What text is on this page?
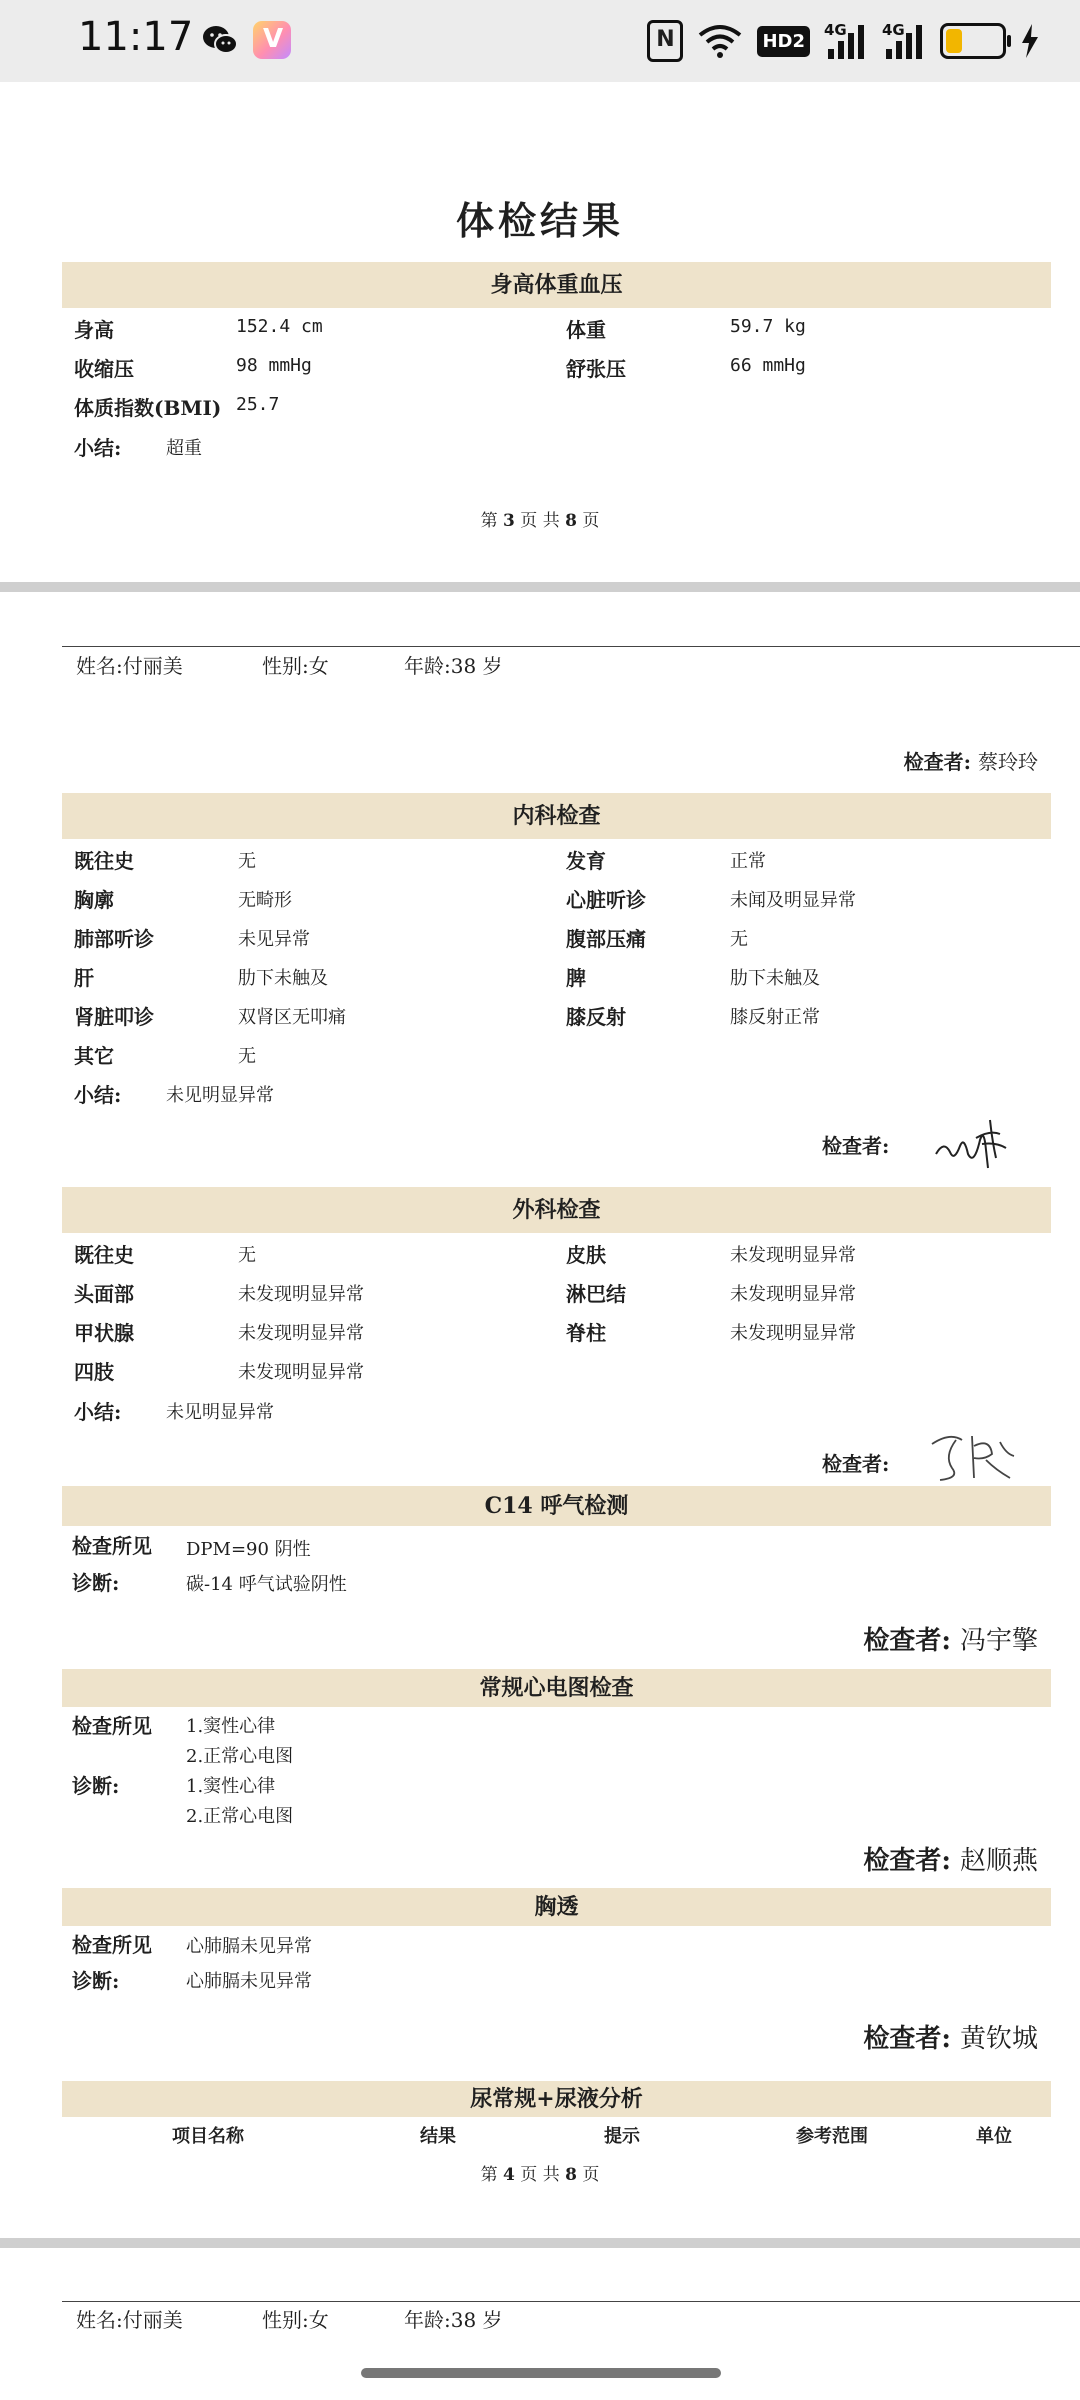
11:17	V	N	HD2
4G 4G
体检结果
身高体重血压
身高	152.4 cm	体重	59.7 kg
收缩压	98 mmHg	舒张压	66 mmHg
体质指数(BMI) 25.7
小结: 超重
第 3 页 共 8 页
姓名:付丽美	性别:女	年龄:38 岁
检查者: 蔡玲玲
内科检查
既往史	无	发育	正常
胸廓	无畸形	心脏听诊	未闻及明显异常
肺部听诊	未见异常	腹部压痛	无
肝	肋下未触及	脾	肋下未触及
肾脏叩诊	双肾区无叩痛	膝反射	膝反射正常
其它	无
小结: 未见明显异常
检查者:
外科检查
既往史	无	皮肤	未发现明显异常
头面部	未发现明显异常	淋巴结	未发现明显异常
甲状腺	未发现明显异常	脊柱	未发现明显异常
四肢	未发现明显异常
小结: 未见明显异常
检查者:
C14 呼气检测
检查所见 DPM=90 阴性
诊断:	碳-14 呼气试验阴性
检查者: 冯宇擎
常规心电图检查
检查所见 1.窦性心律
2.正常心电图
诊断:	1.窦性心律
2.正常心电图
检查者: 赵顺燕
胸透
检查所见 心肺膈未见异常
诊断:	心肺膈未见异常
检查者: 黄钦城
尿常规+尿液分析
项目名称	结果	提示	参考范围	单位
第 4 页 共 8 页
姓名:付丽美	性别:女	年龄:38 岁
